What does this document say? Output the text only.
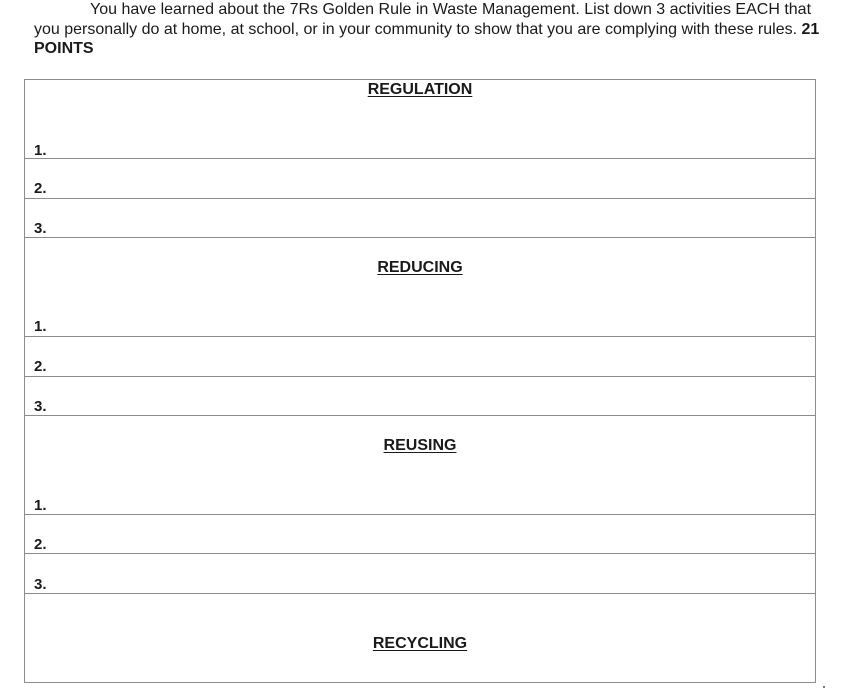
You have learned about the 7Rs Golden Rule in Waste Management. List down 3 activities EACH that you personally do at home, at school, or in your community to show that you are complying with these rules. 21 POINTS

REGULATION
1.
2.
3.
REDUCING
1.
2.
3.
REUSING
1.
2.
3.
RECYCLING
